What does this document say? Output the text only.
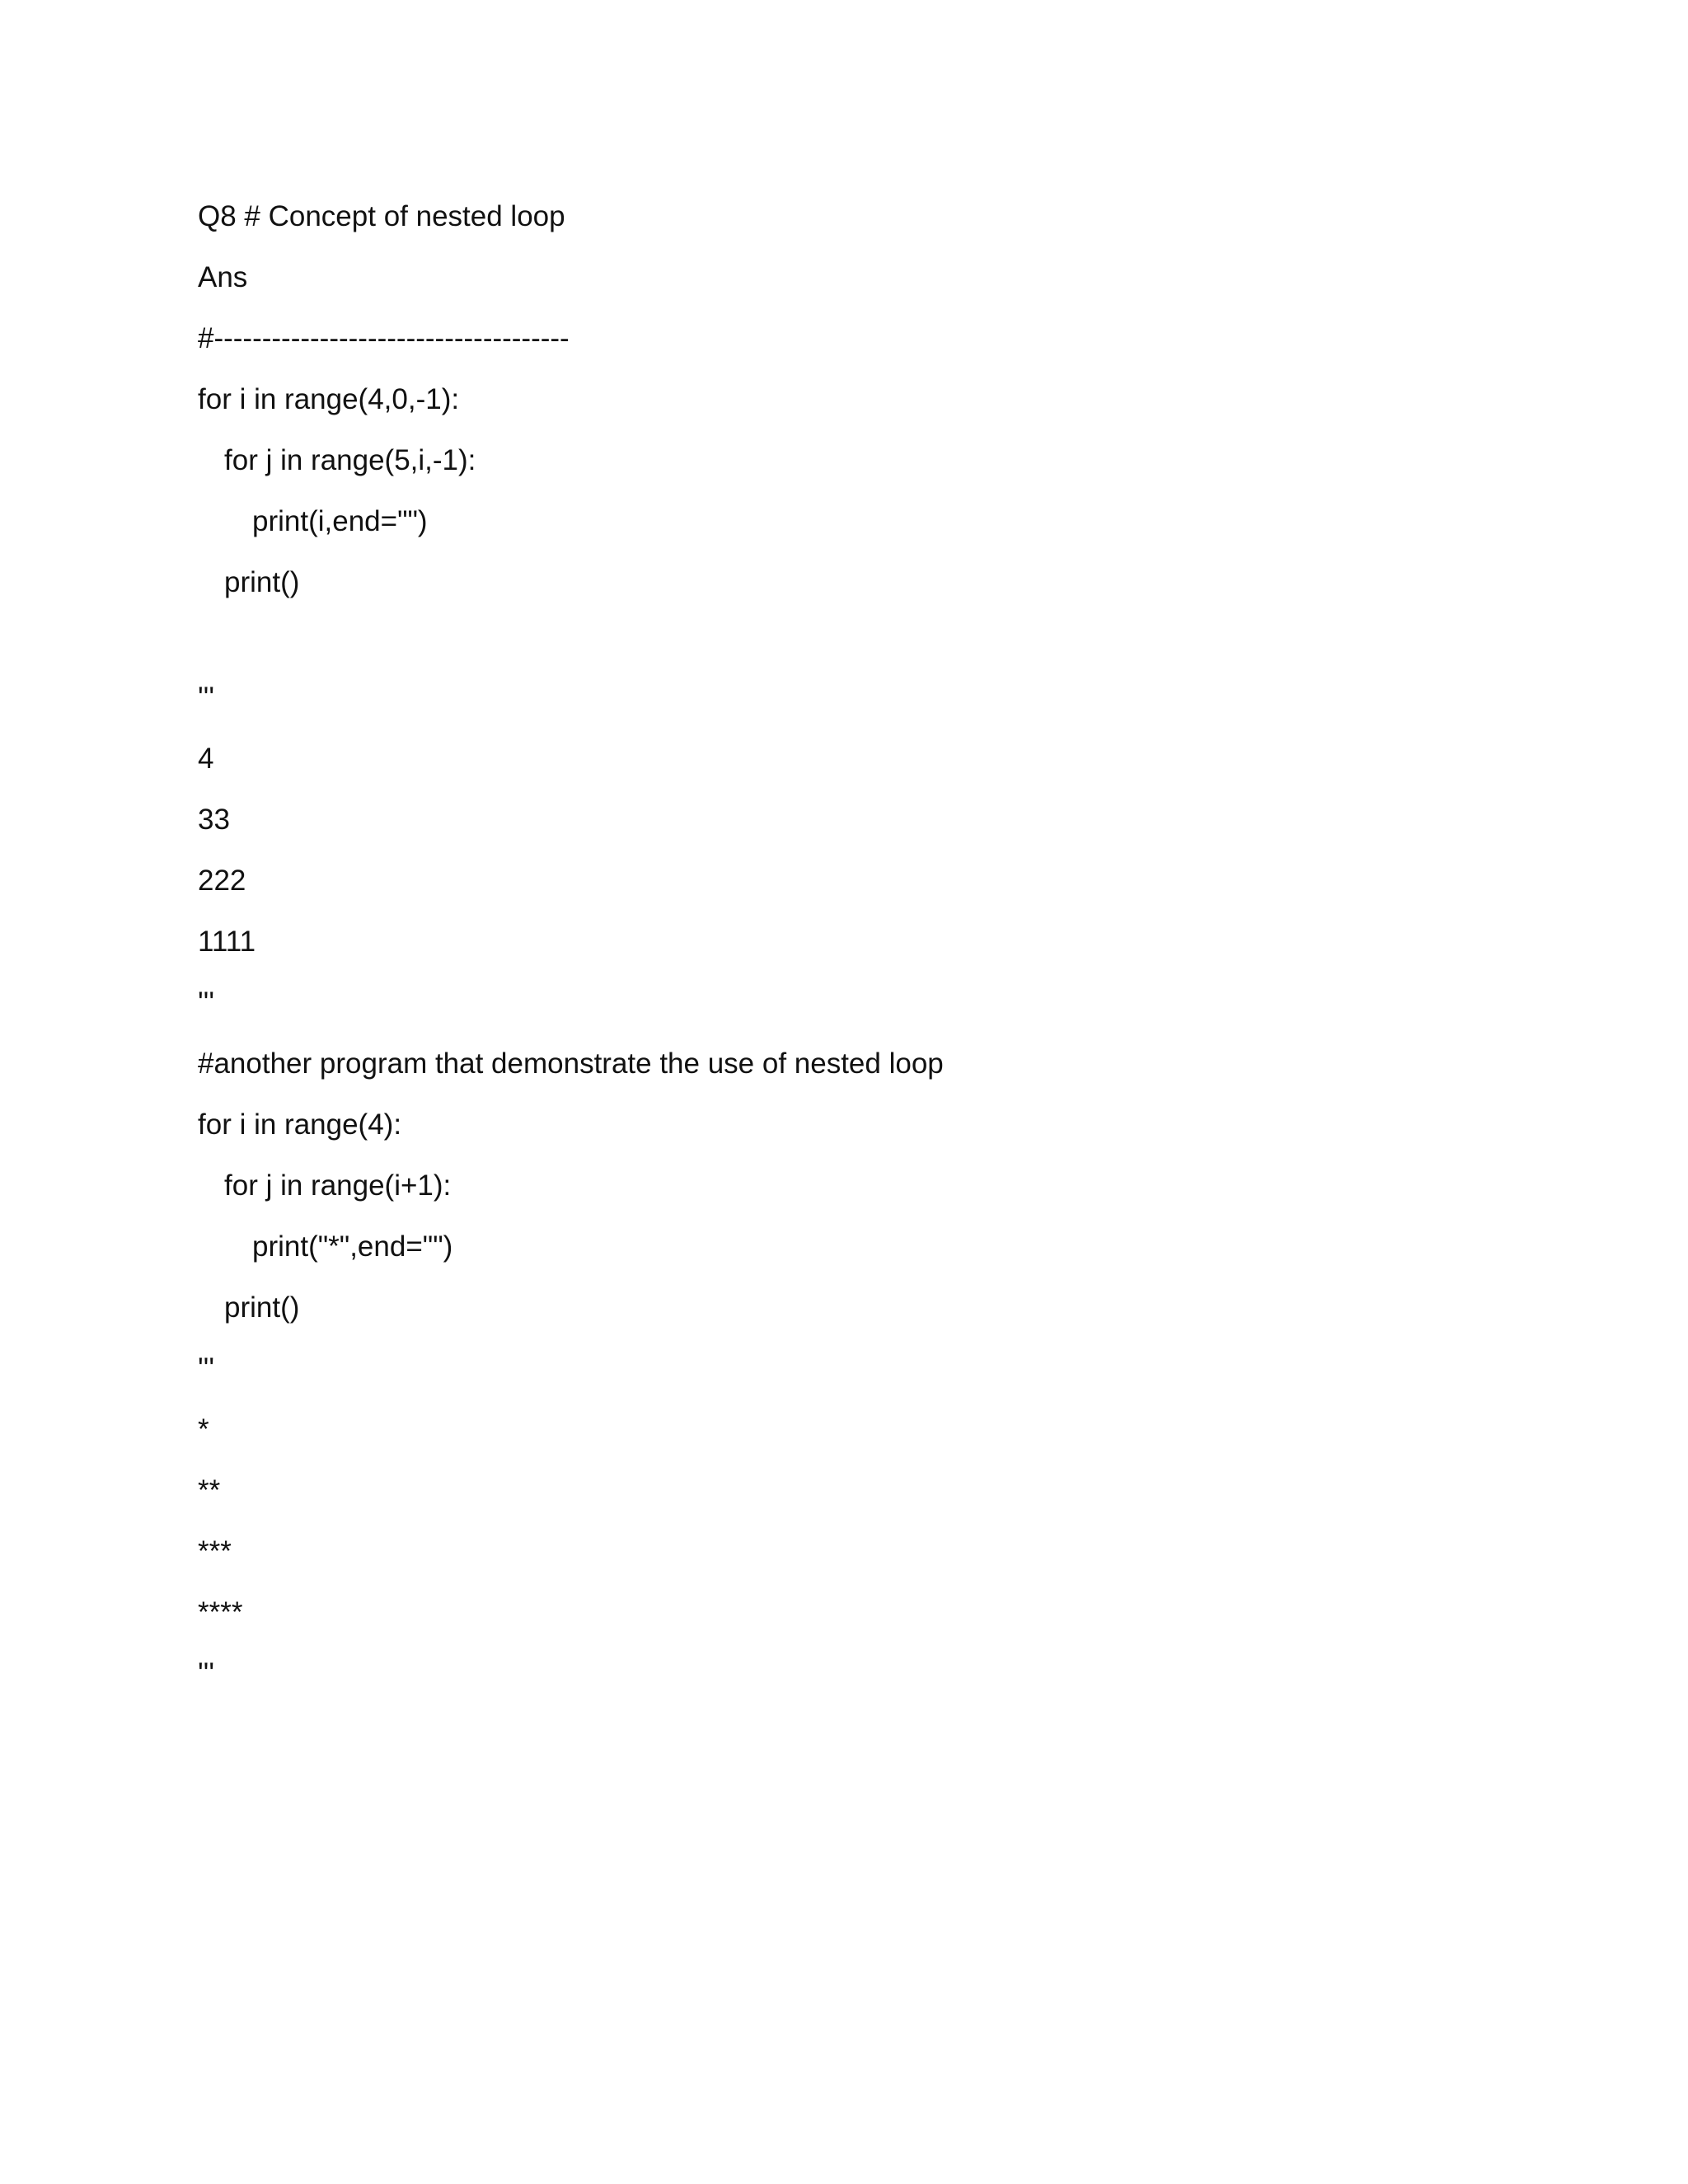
Q8 # Concept of nested loop
Ans
#-------------------------------------
for i in range(4,0,-1):
for j in range(5,i,-1):
print(i,end="")
print()
'''
4
33
222
1111
'''
#another program that demonstrate the use of nested loop
for i in range(4):
for j in range(i+1):
print("*",end="")
print()
'''
*
**
***
****
'''
